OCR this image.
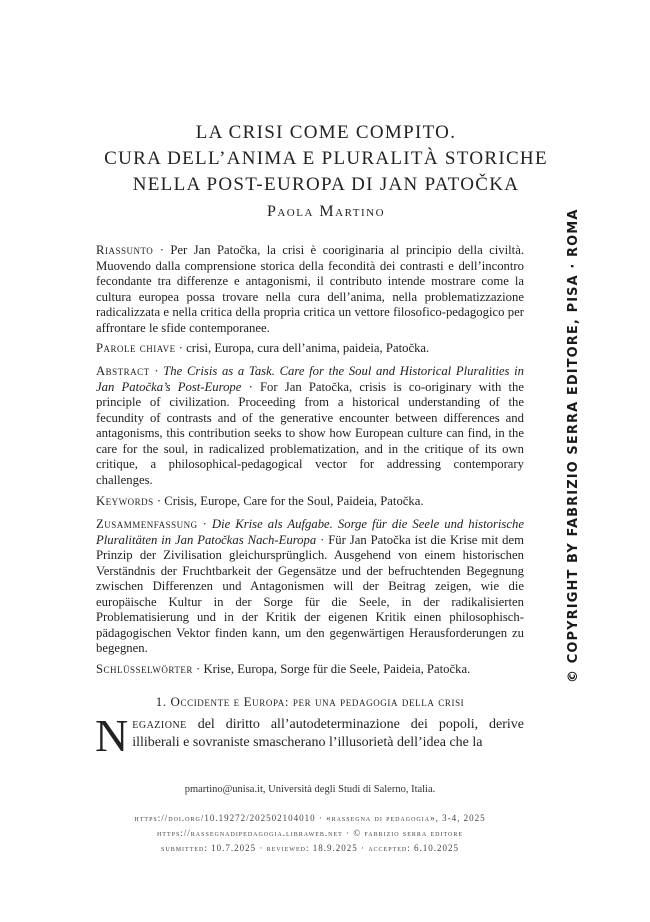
LA CRISI COME COMPITO.
CURA DELL’ANIMA E PLURALITÀ STORICHE
NELLA POST-EUROPA DI JAN PATOČKA
Paola Martino
Riassunto · Per Jan Patočka, la crisi è cooriginaria al principio della civiltà. Muovendo dalla comprensione storica della fecondità dei contrasti e dell’incontro fecondante tra differenze e antagonismi, il contributo intende mostrare come la cultura europea possa trovare nella cura dell’anima, nella problematizzazione radicalizzata e nella critica della propria critica un vettore filosofico-pedagogico per affrontare le sfide contemporanee.
Parole chiave · crisi, Europa, cura dell’anima, paideia, Patočka.
Abstract · The Crisis as a Task. Care for the Soul and Historical Pluralities in Jan Patočka’s Post-Europe · For Jan Patočka, crisis is co-originary with the principle of civilization. Proceeding from a historical understanding of the fecundity of contrasts and of the generative encounter between differences and antagonisms, this contribution seeks to show how European culture can find, in the care for the soul, in radicalized problematization, and in the critique of its own critique, a philosophical-pedagogical vector for addressing contemporary challenges.
Keywords · Crisis, Europe, Care for the Soul, Paideia, Patočka.
Zusammenfassung · Die Krise als Aufgabe. Sorge für die Seele und historische Pluralitäten in Jan Patočkas Nach-Europa · Für Jan Patočka ist die Krise mit dem Prinzip der Zivilisation gleichursprünglich. Ausgehend von einem historischen Verständnis der Fruchtbarkeit der Gegensätze und der befruchtenden Begegnung zwischen Differenzen und Antagonismen will der Beitrag zeigen, wie die europäische Kultur in der Sorge für die Seele, in der radikalisierten Problematisierung und in der Kritik der eigenen Kritik einen philosophisch-pädagogischen Vektor finden kann, um den gegenwärtigen Herausforderungen zu begegnen.
Schlüsselwörter · Krise, Europa, Sorge für die Seele, Paideia, Patočka.
1. Occidente e Europa: per una pedagogia della crisi
Negazione del diritto all’autodeterminazione dei popoli, derive illiberali e sovraniste smascherano l’illusorietà dell’idea che la
pmartino@unisa.it, Università degli Studi di Salerno, Italia.
https://doi.org/10.19272/202502104010 · «rassegna di pedagogia», 3-4, 2025
https://rassegnadipedagogia.libraweb.net · © fabrizio serra editore
submitted: 10.7.2025 · reviewed: 18.9.2025 · accepted: 6.10.2025
© COPYRIGHT BY FABRIZIO SERRA EDITORE, PISA · ROMA
